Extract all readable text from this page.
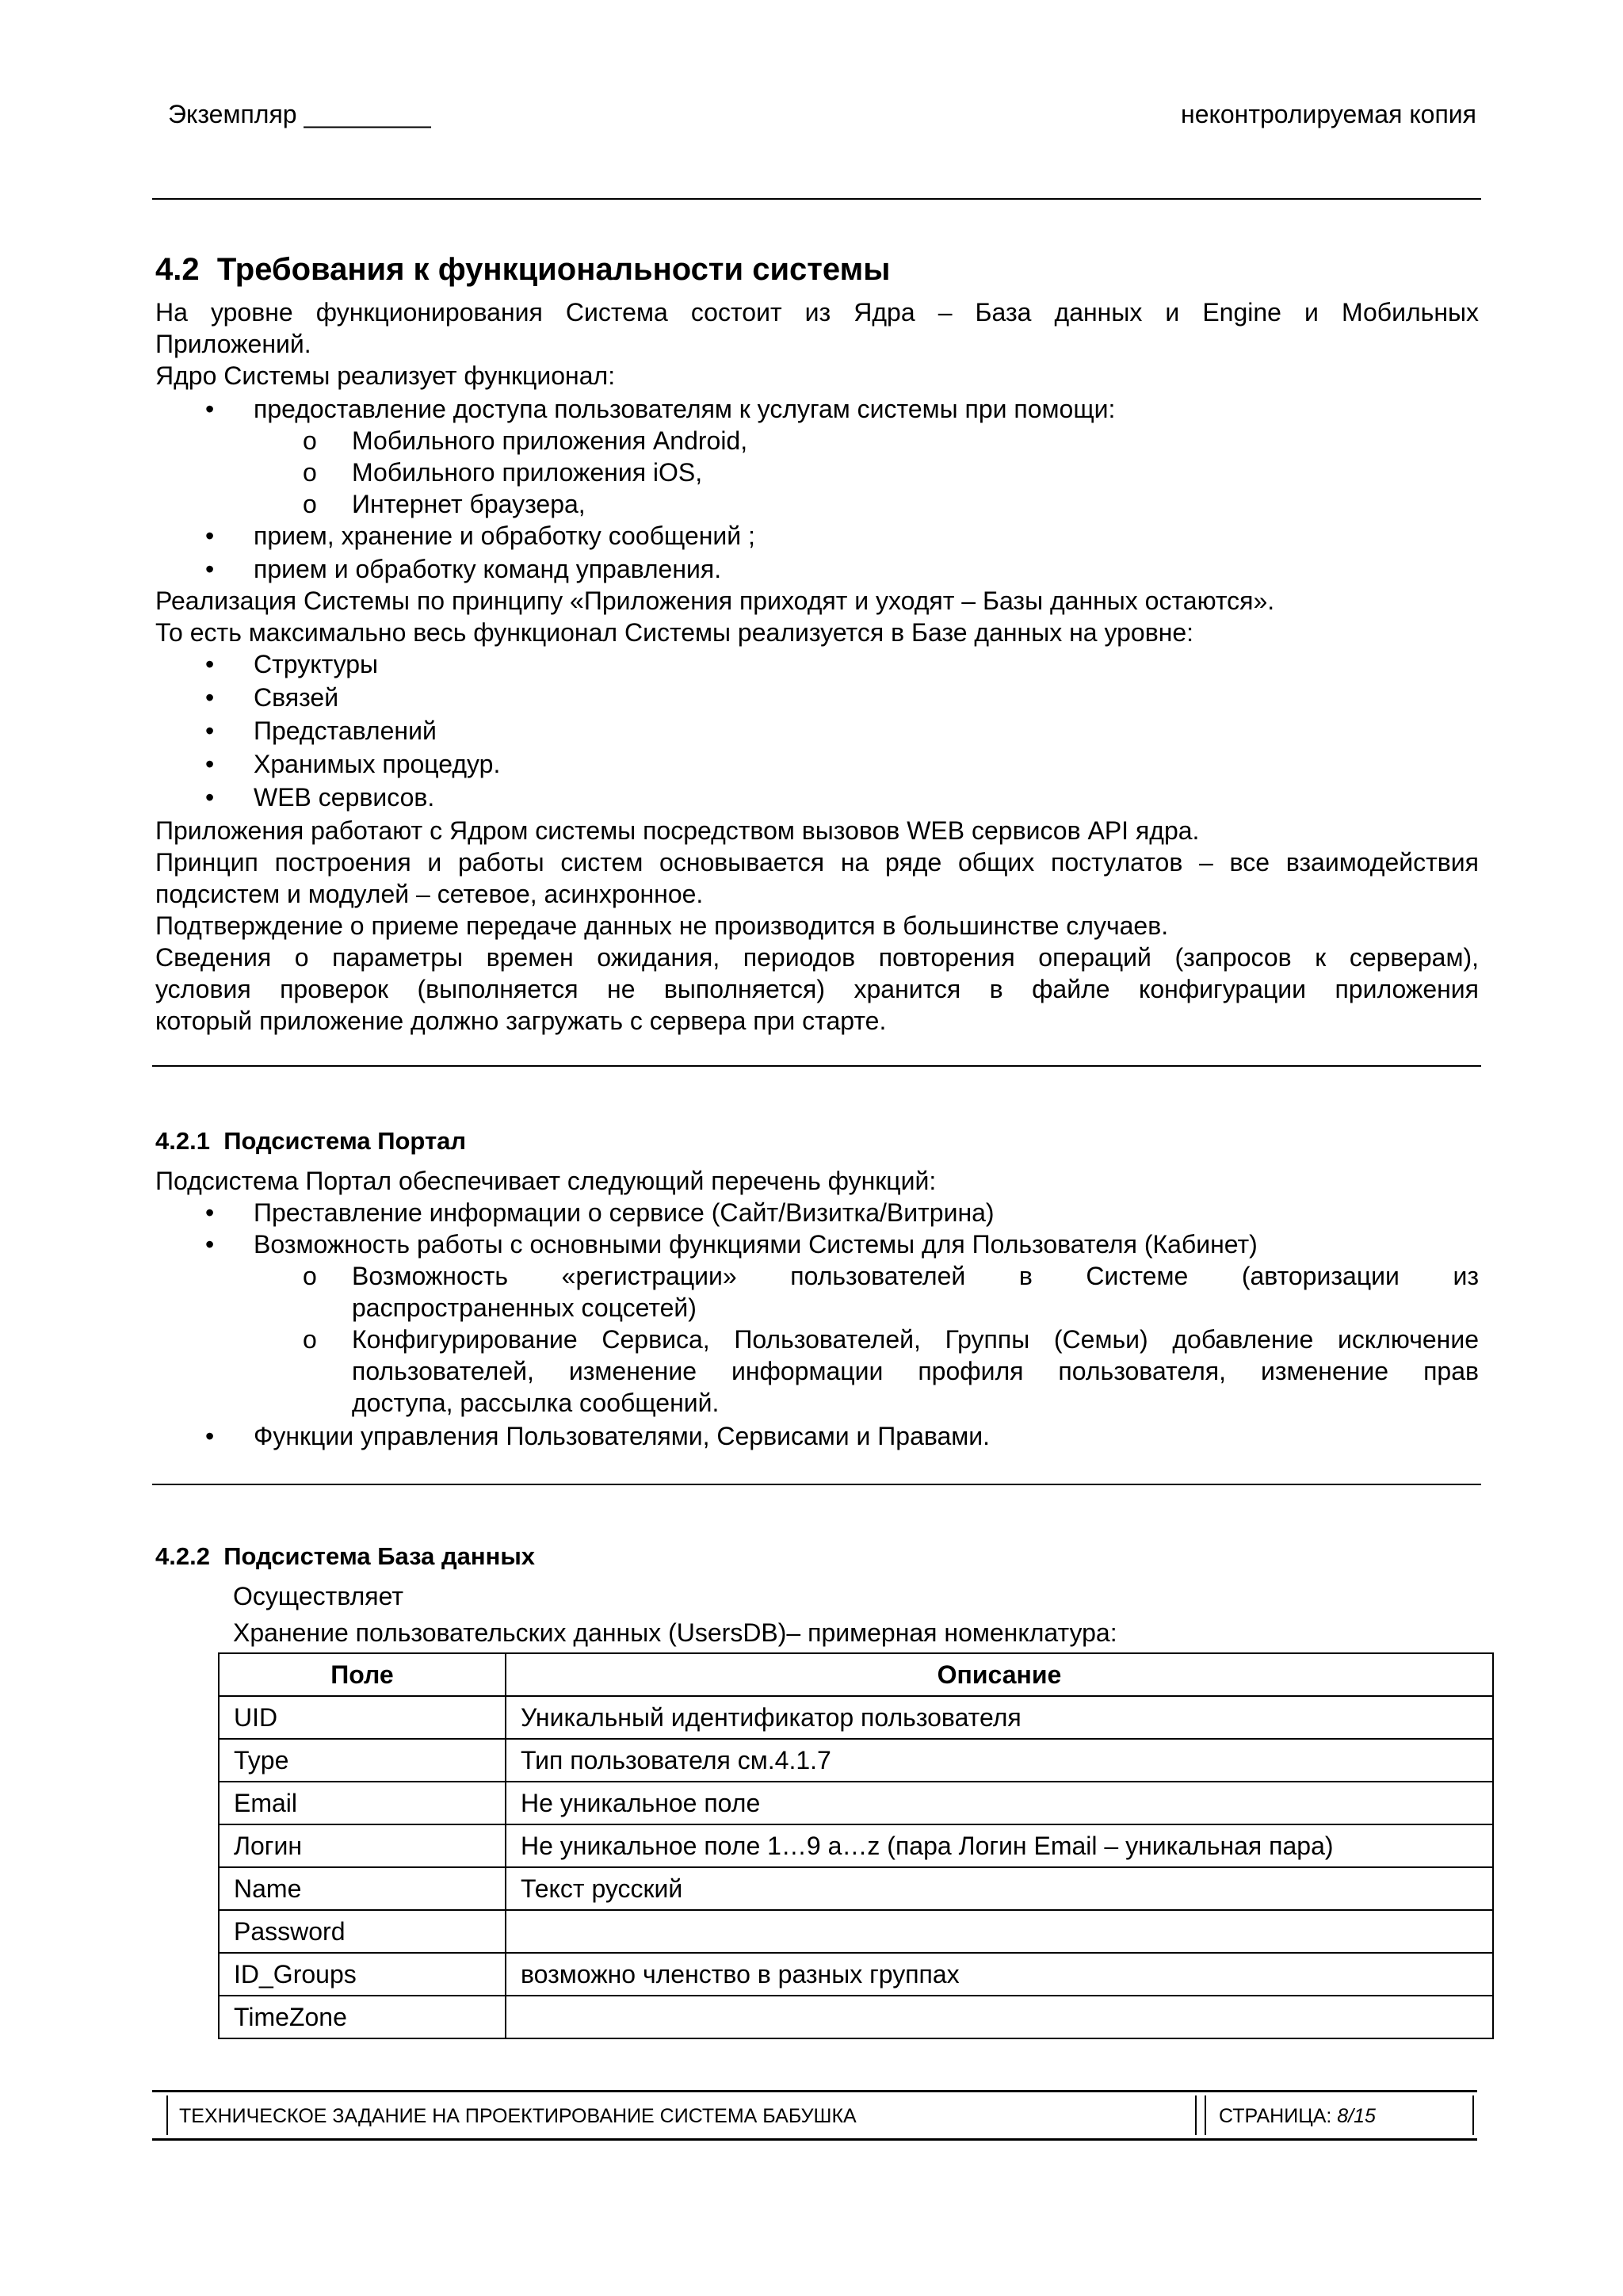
Экземпляр _________	неконтролируемая копия
4.2 Требования к функциональности системы
На уровне функционирования Система состоит из Ядра – База данных и Engine и Мобильных
Приложений.
Ядро Системы реализует функционал:
• предоставление доступа пользователям к услугам системы при помощи:
o Мобильного приложения Android,
o Мобильного приложения iOS,
o Интернет браузера,
• прием, хранение и обработку сообщений ;
• прием и обработку команд управления.
Реализация Системы по принципу «Приложения приходят и уходят – Базы данных остаются».
То есть максимально весь функционал Системы реализуется в Базе данных на уровне:
• Структуры
• Связей
• Представлений
• Хранимых процедур.
• WEB сервисов.
Приложения работают с Ядром системы посредством вызовов WEB сервисов API ядра.
Принцип построения и работы систем основывается на ряде общих постулатов – все взаимодействия
подсистем и модулей – сетевое, асинхронное.
Подтверждение о приеме передаче данных не производится в большинстве случаев.
Сведения о параметры времен ожидания, периодов повторения операций (запросов к серверам),
условия проверок (выполняется не выполняется) хранится в файле конфигурации приложения
который приложение должно загружать с сервера при старте.
4.2.1 Подсистема Портал
Подсистема Портал обеспечивает следующий перечень функций:
• Преставление информации о сервисе (Сайт/Визитка/Витрина)
• Возможность работы с основными функциями Системы для Пользователя (Кабинет)
o Возможность «регистрации» пользователей в Системе (авторизации из
распространенных соцсетей)
o Конфигурирование Сервиса, Пользователей, Группы (Семьи) добавление исключение
пользователей, изменение информации профиля пользователя, изменение прав
доступа, рассылка сообщений.
• Функции управления Пользователями, Сервисами и Правами.
4.2.2 Подсистема База данных
Осуществляет
Хранение пользовательских данных (UsersDB)– примерная номенклатура:
Поле	Описание
UID	Уникальный идентификатор пользователя
Type	Тип пользователя см.4.1.7
Email	Не уникальное поле
Логин	Не уникальное поле 1…9 a…z (пара Логин Email – уникальная пара)
Name	Текст русский
Password	
ID_Groups	возможно членство в разных группах
TimeZone	
ТЕХНИЧЕСКОЕ ЗАДАНИЕ НА ПРОЕКТИРОВАНИЕ СИСТЕМА БАБУШКА	СТРАНИЦА: 8/15
